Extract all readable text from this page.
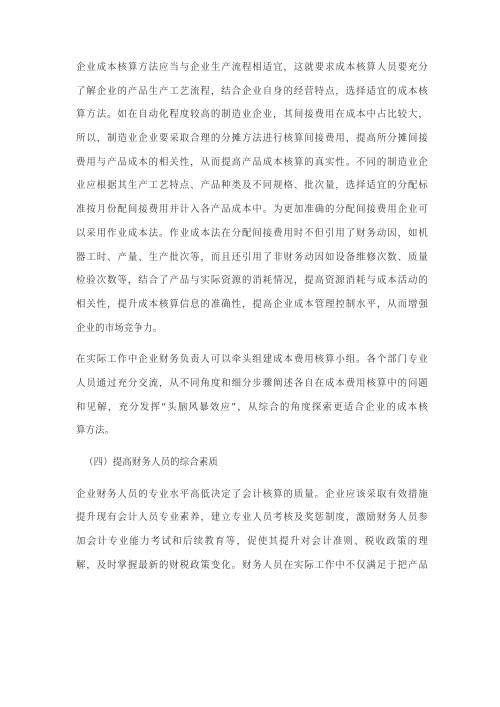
企业成本核算方法应当与企业生产流程相适宜，这就要求成本核算人员要充分
了解企业的产品生产工艺流程，结合企业自身的经营特点，选择适宜的成本核
算方法。如在自动化程度较高的制造业企业，其间接费用在成本中占比较大，
所以，制造业企业要采取合理的分摊方法进行核算间接费用，提高所分摊间接
费用与产品成本的相关性，从而提高产品成本核算的真实性。不同的制造业企
业应根据其生产工艺特点、产品种类及不同规格、批次量，选择适宜的分配标
准按月份配间接费用并计入各产品成本中。为更加准确的分配间接费用企业可
以采用作业成本法。作业成本法在分配间接费用时不但引用了财务动因，如机
器工时、产量、生产批次等，而且还引用了非财务动因如设备维修次数、质量
检验次数等，结合了产品与实际资源的消耗情况，提高资源消耗与成本活动的
相关性，提升成本核算信息的准确性，提高企业成本管理控制水平，从而增强
企业的市场竞争力。
在实际工作中企业财务负责人可以牵头组建成本费用核算小组。各个部门专业
人员通过充分交流，从不同角度和细分步骤阐述各自在成本费用核算中的问题
和见解，充分发挥“头脑风暴效应”，从综合的角度探索更适合企业的成本核
算方法。
（四）提高财务人员的综合素质
企业财务人员的专业水平高低决定了会计核算的质量。企业应该采取有效措施
提升现有会计人员专业素养，建立专业人员考核及奖惩制度，激励财务人员参
加会计专业能力考试和后续教育等，促使其提升对会计准则、税收政策的理
解，及时掌握最新的财税政策变化。财务人员在实际工作中不仅满足于把产品
